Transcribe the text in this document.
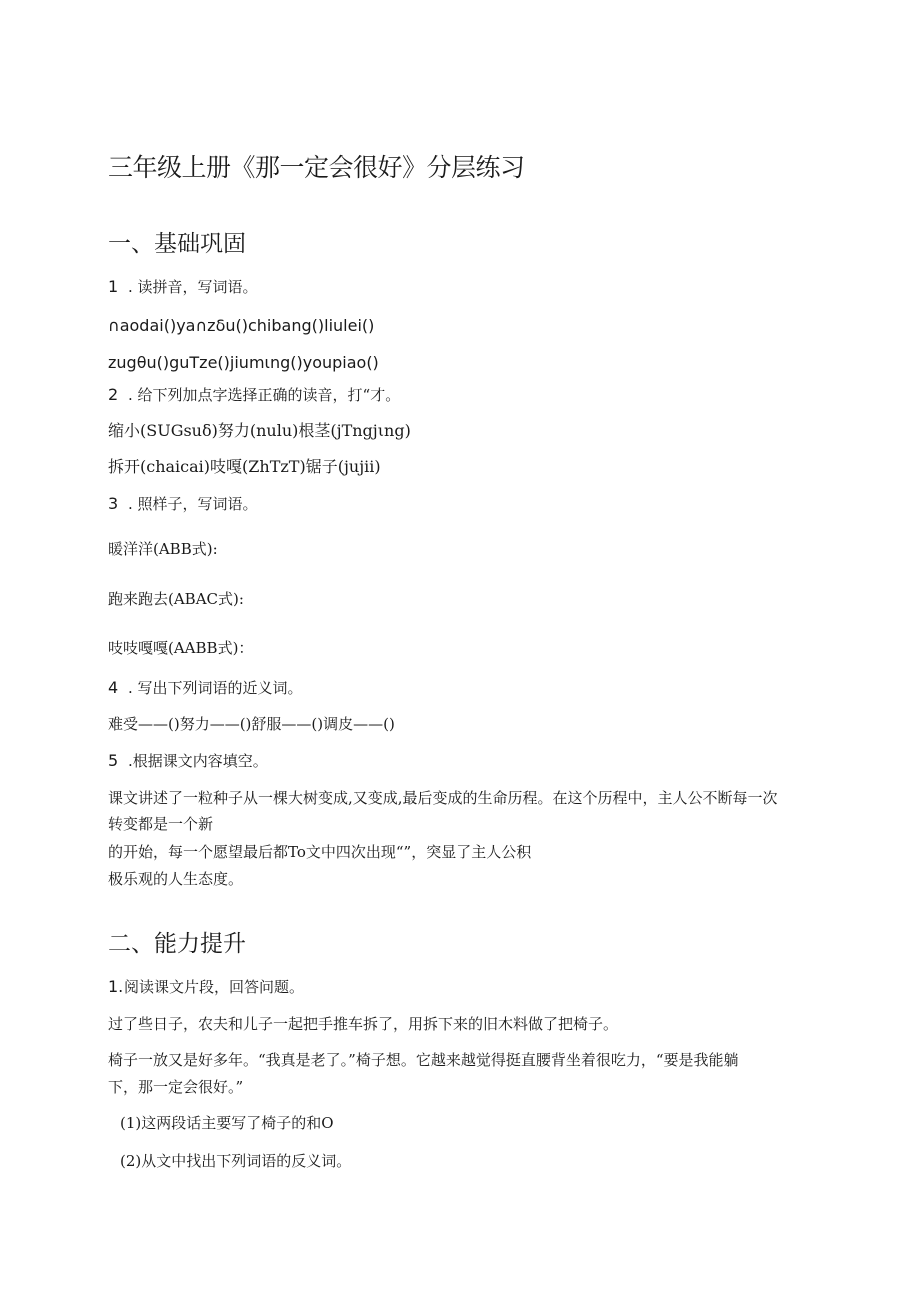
三年级上册《那一定会很好》分层练习
一、基础巩固
1 . 读拼音，写词语。
∩aodai()ya∩zδu()chibang()liulei()
zugθu()guTze()jiumιng()youpiao()
2 . 给下列加点字选择正确的读音，打“才。
缩小(SUGsuδ)努力(nulu)根茎(jTngjιng)
拆开(chaicai)吱嘎(ZhTzT)锯子(jujii)
3 . 照样子，写词语。
暖洋洋(ABB式):
跑来跑去(ABAC式):
吱吱嘎嘎(AABB式)：
4 . 写出下列词语的近义词。
难受——()努力——()舒服——()调皮——()
5 .根据课文内容填空。
课文讲述了一粒种子从一棵大树变成,又变成,最后变成的生命历程。在这个历程中，主人公不断每一次
转变都是一个新
的开始，每一个愿望最后都To文中四次出现“”，突显了主人公积
极乐观的人生态度。
二、能力提升
1.阅读课文片段，回答问题。
过了些日子，农夫和儿子一起把手推车拆了，用拆下来的旧木料做了把椅子。
椅子一放又是好多年。“我真是老了。”椅子想。它越来越觉得挺直腰背坐着很吃力，“要是我能躺
下，那一定会很好。”
(1)这两段话主要写了椅子的和O
(2)从文中找出下列词语的反义词。
